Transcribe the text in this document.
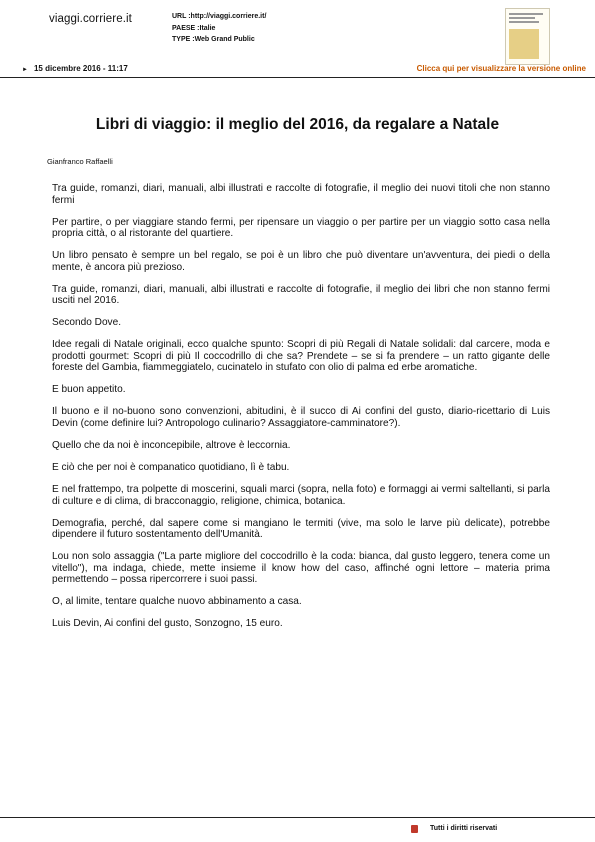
viaggi.corriere.it	URL :http://viaggi.corriere.it/
PAESE :Italie
TYPE :Web Grand Public
► 15 dicembre 2016 - 11:17	Clicca qui per visualizzare la versione online
Libri di viaggio: il meglio del 2016, da regalare a Natale
Gianfranco Raffaelli

Tra guide, romanzi, diari, manuali, albi illustrati e raccolte di fotografie, il meglio dei nuovi titoli che non stanno fermi

Per partire, o per viaggiare stando fermi, per ripensare un viaggio o per partire per un viaggio sotto casa nella propria città, o al ristorante del quartiere.

Un libro pensato è sempre un bel regalo, se poi è un libro che può diventare un'avventura, dei piedi o della mente, è ancora più prezioso.

Tra guide, romanzi, diari, manuali, albi illustrati e raccolte di fotografie, il meglio dei libri che non stanno fermi usciti nel 2016.

Secondo Dove.

Idee regali di Natale originali, ecco qualche spunto: Scopri di più Regali di Natale solidali: dal carcere, moda e prodotti gourmet: Scopri di più Il coccodrillo di che sa? Prendete – se si fa prendere – un ratto gigante delle foreste del Gambia, fiammeggiatelo, cucinatelo in stufato con olio di palma ed erbe aromatiche.

E buon appetito.

Il buono e il no-buono sono convenzioni, abitudini, è il succo di Ai confini del gusto, diario-ricettario di Luis Devin (come definire lui? Antropologo culinario? Assaggiatore-camminatore?).

Quello che da noi è inconcepibile, altrove è leccornia.

E ciò che per noi è companatico quotidiano, lì è tabu.

E nel frattempo, tra polpette di moscerini, squali marci (sopra, nella foto) e formaggi ai vermi saltellanti, si parla di culture e di clima, di bracconaggio, religione, chimica, botanica.

Demografia, perché, dal sapere come si mangiano le termiti (vive, ma solo le larve più delicate), potrebbe dipendere il futuro sostentamento dell'Umanità.

Lou non solo assaggia ("La parte migliore del coccodrillo è la coda: bianca, dal gusto leggero, tenera come un vitello"), ma indaga, chiede, mette insieme il know how del caso, affinché ogni lettore – materia prima permettendo – possa ripercorrere i suoi passi.

O, al limite, tentare qualche nuovo abbinamento a casa.

Luis Devin, Ai confini del gusto, Sonzogno, 15 euro.

Tutti i diritti riservati
